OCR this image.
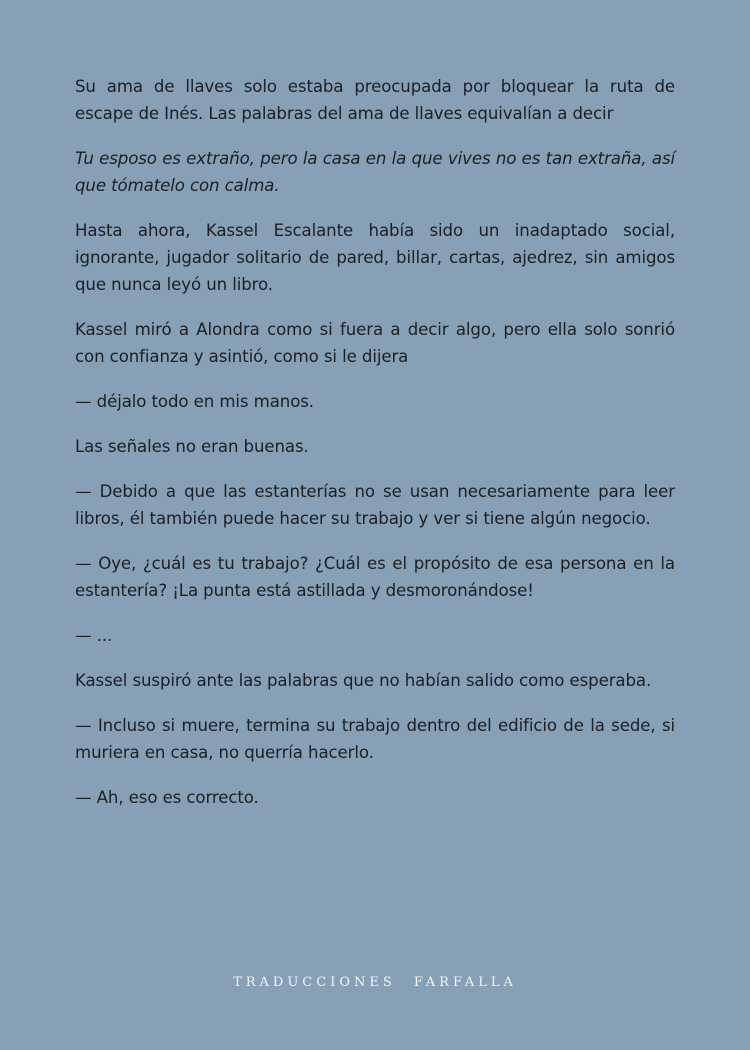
Su ama de llaves solo estaba preocupada por bloquear la ruta de escape de Inés. Las palabras del ama de llaves equivalían a decir

Tu esposo es extraño, pero la casa en la que vives no es tan extraña, así que tómatelo con calma.

Hasta ahora, Kassel Escalante había sido un inadaptado social, ignorante, jugador solitario de pared, billar, cartas, ajedrez, sin amigos que nunca leyó un libro.

Kassel miró a Alondra como si fuera a decir algo, pero ella solo sonrió con confianza y asintió, como si le dijera

— déjalo todo en mis manos.

Las señales no eran buenas.

— Debido a que las estanterías no se usan necesariamente para leer libros, él también puede hacer su trabajo y ver si tiene algún negocio.

— Oye, ¿cuál es tu trabajo? ¿Cuál es el propósito de esa persona en la estantería? ¡La punta está astillada y desmoronándose!

— ...

Kassel suspiró ante las palabras que no habían salido como esperaba.

— Incluso si muere, termina su trabajo dentro del edificio de la sede, si muriera en casa, no querría hacerlo.

— Ah, eso es correcto.

TRADUCCIONES FARFALLA
